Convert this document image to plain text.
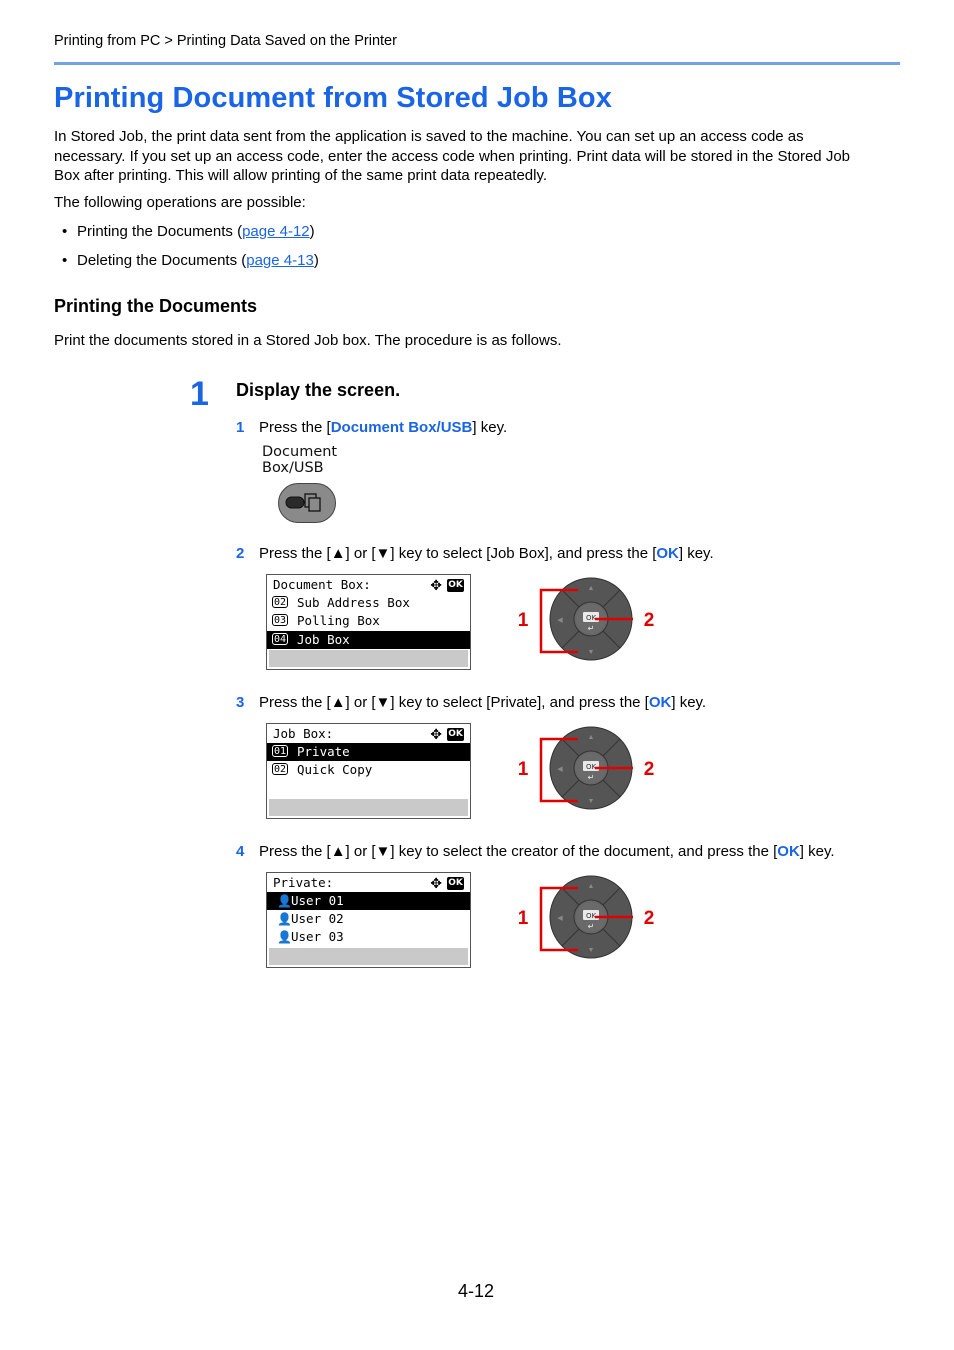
Printing from PC > Printing Data Saved on the Printer
Printing Document from Stored Job Box

In Stored Job, the print data sent from the application is saved to the machine. You can set up an access code as

necessary. If you set up an access code, enter the access code when printing. Print data will be stored in the Stored Job

Box after printing. This will allow printing of the same print data repeatedly.

The following operations are possible:
• Printing the Documents (page 4-12)
• Deleting the Documents (page 4-13)
Printing the Documents
Print the documents stored in a Stored Job box. The procedure is as follows.
1 Display the screen.
1 Press the [Document Box/USB] key.
Document
Box/USB
2 Press the [▲] or [▼] key to select [Job Box], and press the [OK] key.

Document Box:

	✥

OK

02 Sub Address Box

03 Polling Box

04 Job Box

OK
↵
▲
▼
◀
1	2
3 Press the [▲] or [▼] key to select [Private], and press the [OK] key.

Job Box:

	✥

OK

01 Private

02 Quick Copy

	OK
↵
▲
▼
◀
1	2
4 Press the [▲] or [▼] key to select the creator of the document, and press the [OK] key.

Private:

	✥

OK

👤 User 01

👤 User 02

👤 User 03

OK
↵
▲
▼
◀
1	2
4-12
